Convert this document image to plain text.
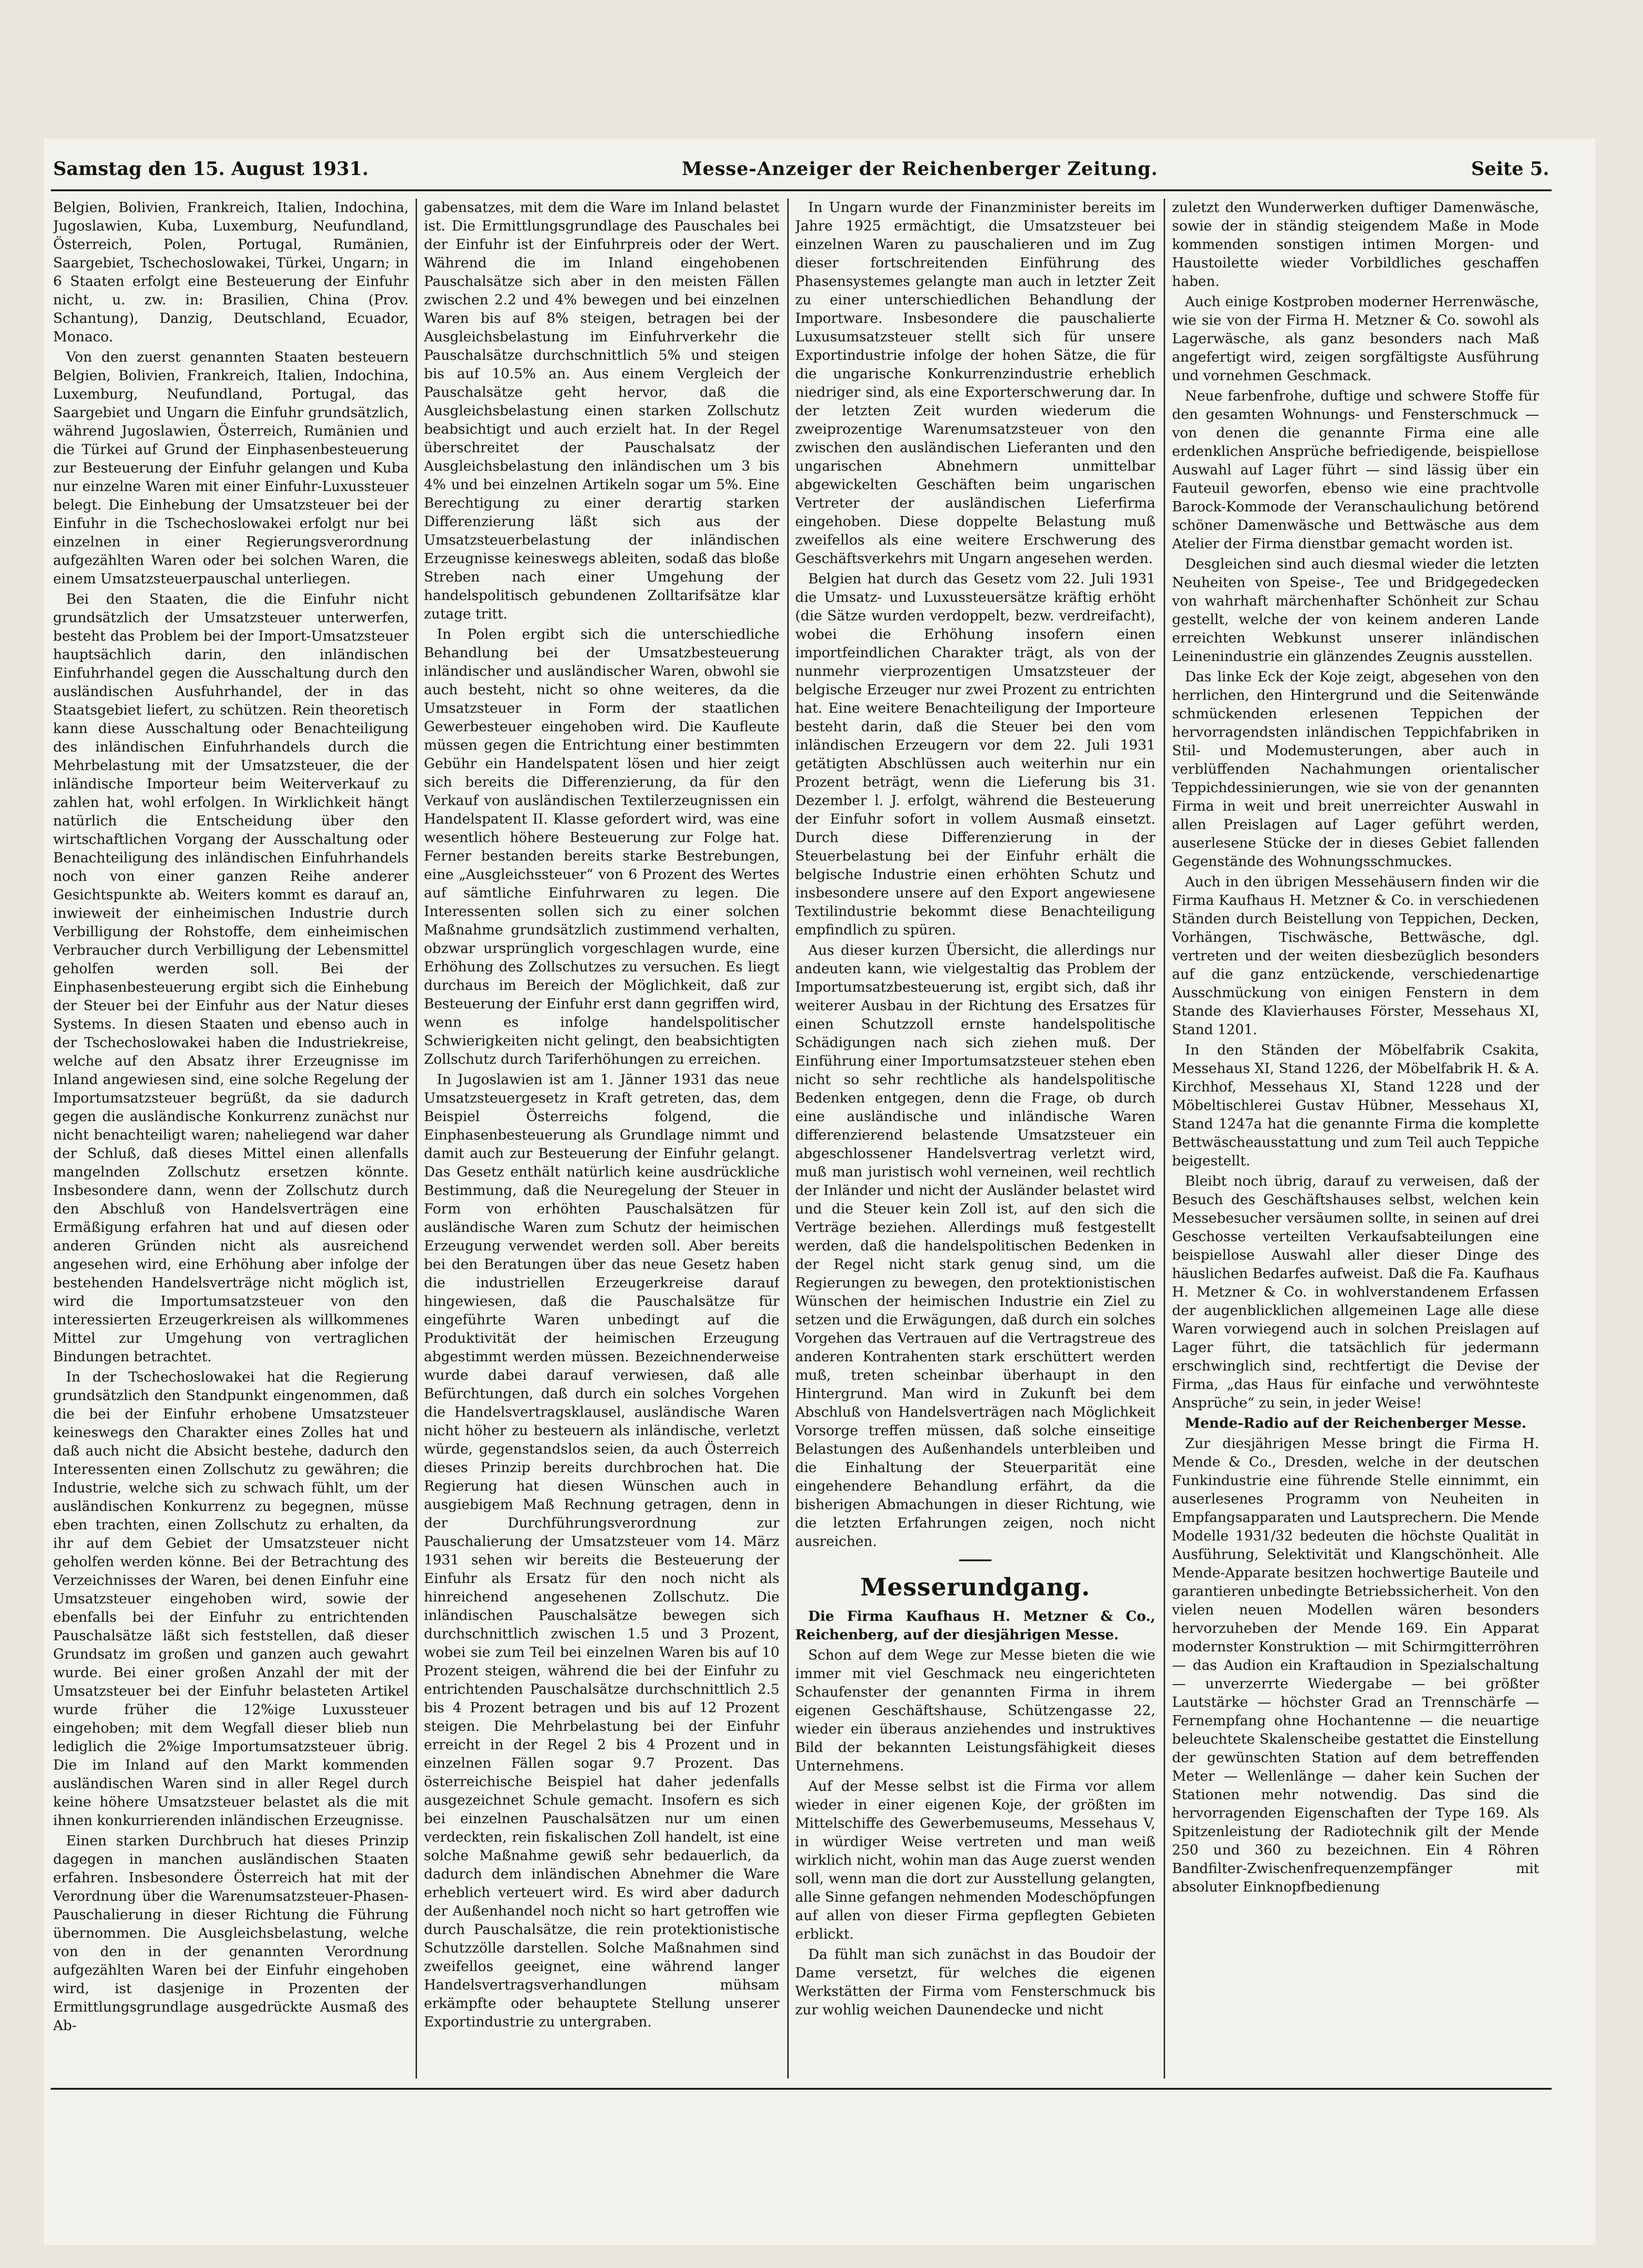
Samstag den 15. August 1931.	Messe-Anzeiger der Reichenberger Zeitung.	Seite 5.

Belgien, Bolivien, Frankreich, Italien, Indochina, Jugoslawien, Kuba, Luxemburg, Neufundland, Österreich, Polen, Portugal, Rumänien, Saargebiet, Tschechoslowakei, Türkei, Ungarn; in 6 Staaten erfolgt eine Besteuerung der Einfuhr nicht, u. zw. in: Brasilien, China (Prov. Schantung), Danzig, Deutschland, Ecuador, Monaco.

Von den zuerst genannten Staaten besteuern Belgien, Bolivien, Frankreich, Italien, Indochina, Luxemburg, Neufundland, Portugal, das Saargebiet und Ungarn die Einfuhr grundsätzlich, während Jugoslawien, Österreich, Rumänien und die Türkei auf Grund der Einphasenbesteuerung zur Besteuerung der Einfuhr gelangen und Kuba nur einzelne Waren mit einer Einfuhr-Luxussteuer belegt. Die Einhebung der Umsatzsteuer bei der Einfuhr in die Tschechoslowakei erfolgt nur bei einzelnen in einer Regierungsverordnung aufgezählten Waren oder bei solchen Waren, die einem Umsatzsteuerpauschal unterliegen.

Bei den Staaten, die die Einfuhr nicht grundsätzlich der Umsatzsteuer unterwerfen, besteht das Problem bei der Import-Umsatzsteuer hauptsächlich darin, den inländischen Einfuhrhandel gegen die Ausschaltung durch den ausländischen Ausfuhrhandel, der in das Staatsgebiet liefert, zu schützen. Rein theoretisch kann diese Ausschaltung oder Benachteiligung des inländischen Einfuhrhandels durch die Mehrbelastung mit der Umsatzsteuer, die der inländische Importeur beim Weiterverkauf zu zahlen hat, wohl erfolgen. In Wirklichkeit hängt natürlich die Entscheidung über den wirtschaftlichen Vorgang der Ausschaltung oder Benachteiligung des inländischen Einfuhrhandels noch von einer ganzen Reihe anderer Gesichtspunkte ab. Weiters kommt es darauf an, inwieweit der einheimischen Industrie durch Verbilligung der Rohstoffe, dem einheimischen Verbraucher durch Verbilligung der Lebensmittel geholfen werden soll. Bei der Einphasenbesteuerung ergibt sich die Einhebung der Steuer bei der Einfuhr aus der Natur dieses Systems. In diesen Staaten und ebenso auch in der Tschechoslowakei haben die Industriekreise, welche auf den Absatz ihrer Erzeugnisse im Inland angewiesen sind, eine solche Regelung der Importumsatzsteuer begrüßt, da sie dadurch gegen die ausländische Konkurrenz zunächst nur nicht benachteiligt waren; naheliegend war daher der Schluß, daß dieses Mittel einen allenfalls mangelnden Zollschutz ersetzen könnte. Insbesondere dann, wenn der Zollschutz durch den Abschluß von Handelsverträgen eine Ermäßigung erfahren hat und auf diesen oder anderen Gründen nicht als ausreichend angesehen wird, eine Erhöhung aber infolge der bestehenden Handelsverträge nicht möglich ist, wird die Importumsatzsteuer von den interessierten Erzeugerkreisen als willkommenes Mittel zur Umgehung von vertraglichen Bindungen betrachtet.

In der Tschechoslowakei hat die Regierung grundsätzlich den Standpunkt eingenommen, daß die bei der Einfuhr erhobene Umsatzsteuer keineswegs den Charakter eines Zolles hat und daß auch nicht die Absicht bestehe, dadurch den Interessenten einen Zollschutz zu gewähren; die Industrie, welche sich zu schwach fühlt, um der ausländischen Konkurrenz zu begegnen, müsse eben trachten, einen Zollschutz zu erhalten, da ihr auf dem Gebiet der Umsatzsteuer nicht geholfen werden könne. Bei der Betrachtung des Verzeichnisses der Waren, bei denen Einfuhr eine Umsatzsteuer eingehoben wird, sowie der ebenfalls bei der Einfuhr zu entrichtenden Pauschalsätze läßt sich feststellen, daß dieser Grundsatz im großen und ganzen auch gewahrt wurde. Bei einer großen Anzahl der mit der Umsatzsteuer bei der Einfuhr belasteten Artikel wurde früher die 12%ige Luxussteuer eingehoben; mit dem Wegfall dieser blieb nun lediglich die 2%ige Importumsatzsteuer übrig. Die im Inland auf den Markt kommenden ausländischen Waren sind in aller Regel durch keine höhere Umsatzsteuer belastet als die mit ihnen konkurrierenden inländischen Erzeugnisse.

Einen starken Durchbruch hat dieses Prinzip dagegen in manchen ausländischen Staaten erfahren. Insbesondere Österreich hat mit der Verordnung über die Warenumsatzsteuer-Phasen-Pauschalierung in dieser Richtung die Führung übernommen. Die Ausgleichsbelastung, welche von den in der genannten Verordnung aufgezählten Waren bei der Einfuhr eingehoben wird, ist dasjenige in Prozenten der Ermittlungsgrundlage ausgedrückte Ausmaß des Ab-

gabensatzes, mit dem die Ware im Inland belastet ist. Die Ermittlungsgrundlage des Pauschales bei der Einfuhr ist der Einfuhrpreis oder der Wert. Während die im Inland eingehobenen Pauschalsätze sich aber in den meisten Fällen zwischen 2.2 und 4% bewegen und bei einzelnen Waren bis auf 8% steigen, betragen bei der Ausgleichsbelastung im Einfuhrverkehr die Pauschalsätze durchschnittlich 5% und steigen bis auf 10.5% an. Aus einem Vergleich der Pauschalsätze geht hervor, daß die Ausgleichsbelastung einen starken Zollschutz beabsichtigt und auch erzielt hat. In der Regel überschreitet der Pauschalsatz der Ausgleichsbelastung den inländischen um 3 bis 4% und bei einzelnen Artikeln sogar um 5%. Eine Berechtigung zu einer derartig starken Differenzierung läßt sich aus der Umsatzsteuerbelastung der inländischen Erzeugnisse keineswegs ableiten, sodaß das bloße Streben nach einer Umgehung der handelspolitisch gebundenen Zolltarifsätze klar zutage tritt.

In Polen ergibt sich die unterschiedliche Behandlung bei der Umsatzbesteuerung inländischer und ausländischer Waren, obwohl sie auch besteht, nicht so ohne weiteres, da die Umsatzsteuer in Form der staatlichen Gewerbesteuer eingehoben wird. Die Kaufleute müssen gegen die Entrichtung einer bestimmten Gebühr ein Handelspatent lösen und hier zeigt sich bereits die Differenzierung, da für den Verkauf von ausländischen Textilerzeugnissen ein Handelspatent II. Klasse gefordert wird, was eine wesentlich höhere Besteuerung zur Folge hat. Ferner bestanden bereits starke Bestrebungen, eine „Ausgleichssteuer“ von 6 Prozent des Wertes auf sämtliche Einfuhrwaren zu legen. Die Interessenten sollen sich zu einer solchen Maßnahme grundsätzlich zustimmend verhalten, obzwar ursprünglich vorgeschlagen wurde, eine Erhöhung des Zollschutzes zu versuchen. Es liegt durchaus im Bereich der Möglichkeit, daß zur Besteuerung der Einfuhr erst dann gegriffen wird, wenn es infolge handelspolitischer Schwierigkeiten nicht gelingt, den beabsichtigten Zollschutz durch Tariferhöhungen zu erreichen.

In Jugoslawien ist am 1. Jänner 1931 das neue Umsatzsteuergesetz in Kraft getreten, das, dem Beispiel Österreichs folgend, die Einphasenbesteuerung als Grundlage nimmt und damit auch zur Besteuerung der Einfuhr gelangt. Das Gesetz enthält natürlich keine ausdrückliche Bestimmung, daß die Neuregelung der Steuer in Form von erhöhten Pauschalsätzen für ausländische Waren zum Schutz der heimischen Erzeugung verwendet werden soll. Aber bereits bei den Beratungen über das neue Gesetz haben die industriellen Erzeugerkreise darauf hingewiesen, daß die Pauschalsätze für eingeführte Waren unbedingt auf die Produktivität der heimischen Erzeugung abgestimmt werden müssen. Bezeichnenderweise wurde dabei darauf verwiesen, daß alle Befürchtungen, daß durch ein solches Vorgehen die Handelsvertragsklausel, ausländische Waren nicht höher zu besteuern als inländische, verletzt würde, gegenstandslos seien, da auch Österreich dieses Prinzip bereits durchbrochen hat. Die Regierung hat diesen Wünschen auch in ausgiebigem Maß Rechnung getragen, denn in der Durchführungsverordnung zur Pauschalierung der Umsatzsteuer vom 14. März 1931 sehen wir bereits die Besteuerung der Einfuhr als Ersatz für den noch nicht als hinreichend angesehenen Zollschutz. Die inländischen Pauschalsätze bewegen sich durchschnittlich zwischen 1.5 und 3 Prozent, wobei sie zum Teil bei einzelnen Waren bis auf 10 Prozent steigen, während die bei der Einfuhr zu entrichtenden Pauschalsätze durchschnittlich 2.5 bis 4 Prozent betragen und bis auf 12 Prozent steigen. Die Mehrbelastung bei der Einfuhr erreicht in der Regel 2 bis 4 Prozent und in einzelnen Fällen sogar 9.7 Prozent. Das österreichische Beispiel hat daher jedenfalls ausgezeichnet Schule gemacht. Insofern es sich bei einzelnen Pauschalsätzen nur um einen verdeckten, rein fiskalischen Zoll handelt, ist eine solche Maßnahme gewiß sehr bedauerlich, da dadurch dem inländischen Abnehmer die Ware erheblich verteuert wird. Es wird aber dadurch der Außenhandel noch nicht so hart getroffen wie durch Pauschalsätze, die rein protektionistische Schutzzölle darstellen. Solche Maßnahmen sind zweifellos geeignet, eine während langer Handelsvertragsverhandlungen mühsam erkämpfte oder behauptete Stellung unserer Exportindustrie zu untergraben.

In Ungarn wurde der Finanzminister bereits im Jahre 1925 ermächtigt, die Umsatzsteuer bei einzelnen Waren zu pauschalieren und im Zug dieser fortschreitenden Einführung des Phasensystemes gelangte man auch in letzter Zeit zu einer unterschiedlichen Behandlung der Importware. Insbesondere die pauschalierte Luxusumsatzsteuer stellt sich für unsere Exportindustrie infolge der hohen Sätze, die für die ungarische Konkurrenzindustrie erheblich niedriger sind, als eine Exporterschwerung dar. In der letzten Zeit wurden wiederum die zweiprozentige Warenumsatzsteuer von den zwischen den ausländischen Lieferanten und den ungarischen Abnehmern unmittelbar abgewickelten Geschäften beim ungarischen Vertreter der ausländischen Lieferfirma eingehoben. Diese doppelte Belastung muß zweifellos als eine weitere Erschwerung des Geschäftsverkehrs mit Ungarn angesehen werden.

Belgien hat durch das Gesetz vom 22. Juli 1931 die Umsatz- und Luxussteuersätze kräftig erhöht (die Sätze wurden verdoppelt, bezw. verdreifacht), wobei die Erhöhung insofern einen importfeindlichen Charakter trägt, als von der nunmehr vierprozentigen Umsatzsteuer der belgische Erzeuger nur zwei Prozent zu entrichten hat. Eine weitere Benachteiligung der Importeure besteht darin, daß die Steuer bei den vom inländischen Erzeugern vor dem 22. Juli 1931 getätigten Abschlüssen auch weiterhin nur ein Prozent beträgt, wenn die Lieferung bis 31. Dezember l. J. erfolgt, während die Besteuerung der Einfuhr sofort in vollem Ausmaß einsetzt. Durch diese Differenzierung in der Steuerbelastung bei der Einfuhr erhält die belgische Industrie einen erhöhten Schutz und insbesondere unsere auf den Export angewiesene Textilindustrie bekommt diese Benachteiligung empfindlich zu spüren.

Aus dieser kurzen Übersicht, die allerdings nur andeuten kann, wie vielgestaltig das Problem der Importumsatzbesteuerung ist, ergibt sich, daß ihr weiterer Ausbau in der Richtung des Ersatzes für einen Schutzzoll ernste handelspolitische Schädigungen nach sich ziehen muß. Der Einführung einer Importumsatzsteuer stehen eben nicht so sehr rechtliche als handelspolitische Bedenken entgegen, denn die Frage, ob durch eine ausländische und inländische Waren differenzierend belastende Umsatzsteuer ein abgeschlossener Handelsvertrag verletzt wird, muß man juristisch wohl verneinen, weil rechtlich der Inländer und nicht der Ausländer belastet wird und die Steuer kein Zoll ist, auf den sich die Verträge beziehen. Allerdings muß festgestellt werden, daß die handelspolitischen Bedenken in der Regel nicht stark genug sind, um die Regierungen zu bewegen, den protektionistischen Wünschen der heimischen Industrie ein Ziel zu setzen und die Erwägungen, daß durch ein solches Vorgehen das Vertrauen auf die Vertragstreue des anderen Kontrahenten stark erschüttert werden muß, treten scheinbar überhaupt in den Hintergrund. Man wird in Zukunft bei dem Abschluß von Handelsverträgen nach Möglichkeit Vorsorge treffen müssen, daß solche einseitige Belastungen des Außenhandels unterbleiben und die Einhaltung der Steuerparität eine eingehendere Behandlung erfährt, da die bisherigen Abmachungen in dieser Richtung, wie die letzten Erfahrungen zeigen, noch nicht ausreichen.

Messerundgang.

Die Firma Kaufhaus H. Metzner & Co., Reichenberg, auf der diesjährigen Messe.

Schon auf dem Wege zur Messe bieten die wie immer mit viel Geschmack neu eingerichteten Schaufenster der genannten Firma in ihrem eigenen Geschäftshause, Schützengasse 22, wieder ein überaus anziehendes und instruktives Bild der bekannten Leistungsfähigkeit dieses Unternehmens.

Auf der Messe selbst ist die Firma vor allem wieder in einer eigenen Koje, der größten im Mittelschiffe des Gewerbemuseums, Messehaus V, in würdiger Weise vertreten und man weiß wirklich nicht, wohin man das Auge zuerst wenden soll, wenn man die dort zur Ausstellung gelangten, alle Sinne gefangen nehmenden Modeschöpfungen auf allen von dieser Firma gepflegten Gebieten erblickt.

Da fühlt man sich zunächst in das Boudoir der Dame versetzt, für welches die eigenen Werkstätten der Firma vom Fensterschmuck bis zur wohlig weichen Daunendecke und nicht

zuletzt den Wunderwerken duftiger Damenwäsche, sowie der in ständig steigendem Maße in Mode kommenden sonstigen intimen Morgen- und Haustoilette wieder Vorbildliches geschaffen haben.

Auch einige Kostproben moderner Herrenwäsche, wie sie von der Firma H. Metzner & Co. sowohl als Lagerwäsche, als ganz besonders nach Maß angefertigt wird, zeigen sorgfältigste Ausführung und vornehmen Geschmack.

Neue farbenfrohe, duftige und schwere Stoffe für den gesamten Wohnungs- und Fensterschmuck — von denen die genannte Firma eine alle erdenklichen Ansprüche befriedigende, beispiellose Auswahl auf Lager führt — sind lässig über ein Fauteuil geworfen, ebenso wie eine prachtvolle Barock-Kommode der Veranschaulichung betörend schöner Damenwäsche und Bettwäsche aus dem Atelier der Firma dienstbar gemacht worden ist.

Desgleichen sind auch diesmal wieder die letzten Neuheiten von Speise-, Tee und Bridgegedecken von wahrhaft märchenhafter Schönheit zur Schau gestellt, welche der von keinem anderen Lande erreichten Webkunst unserer inländischen Leinenindustrie ein glänzendes Zeugnis ausstellen.

Das linke Eck der Koje zeigt, abgesehen von den herrlichen, den Hintergrund und die Seitenwände schmückenden erlesenen Teppichen der hervorragendsten inländischen Teppichfabriken in Stil- und Modemusterungen, aber auch in verblüffenden Nachahmungen orientalischer Teppichdessinierungen, wie sie von der genannten Firma in weit und breit unerreichter Auswahl in allen Preislagen auf Lager geführt werden, auserlesene Stücke der in dieses Gebiet fallenden Gegenstände des Wohnungsschmuckes.

Auch in den übrigen Messehäusern finden wir die Firma Kaufhaus H. Metzner & Co. in verschiedenen Ständen durch Beistellung von Teppichen, Decken, Vorhängen, Tischwäsche, Bettwäsche, dgl. vertreten und der weiten diesbezüglich besonders auf die ganz entzückende, verschiedenartige Ausschmückung von einigen Fenstern in dem Stande des Klavierhauses Förster, Messehaus XI, Stand 1201.

In den Ständen der Möbelfabrik Csakita, Messehaus XI, Stand 1226, der Möbelfabrik H. & A. Kirchhof, Messehaus XI, Stand 1228 und der Möbeltischlerei Gustav Hübner, Messehaus XI, Stand 1247a hat die genannte Firma die komplette Bettwäscheausstattung und zum Teil auch Teppiche beigestellt.

Bleibt noch übrig, darauf zu verweisen, daß der Besuch des Geschäftshauses selbst, welchen kein Messebesucher versäumen sollte, in seinen auf drei Geschosse verteilten Verkaufsabteilungen eine beispiellose Auswahl aller dieser Dinge des häuslichen Bedarfes aufweist. Daß die Fa. Kaufhaus H. Metzner & Co. in wohlverstandenem Erfassen der augenblicklichen allgemeinen Lage alle diese Waren vorwiegend auch in solchen Preislagen auf Lager führt, die tatsächlich für jedermann erschwinglich sind, rechtfertigt die Devise der Firma, „das Haus für einfache und verwöhnteste Ansprüche“ zu sein, in jeder Weise!

Mende-Radio auf der Reichenberger Messe.

Zur diesjährigen Messe bringt die Firma H. Mende & Co., Dresden, welche in der deutschen Funkindustrie eine führende Stelle einnimmt, ein auserlesenes Programm von Neuheiten in Empfangsapparaten und Lautsprechern. Die Mende Modelle 1931/32 bedeuten die höchste Qualität in Ausführung, Selektivität und Klangschönheit. Alle Mende-Apparate besitzen hochwertige Bauteile und garantieren unbedingte Betriebssicherheit. Von den vielen neuen Modellen wären besonders hervorzuheben der Mende 169. Ein Apparat modernster Konstruktion — mit Schirmgitterröhren — das Audion ein Kraftaudion in Spezialschaltung — unverzerrte Wiedergabe — bei größter Lautstärke — höchster Grad an Trennschärfe — Fernempfang ohne Hochantenne — die neuartige beleuchtete Skalenscheibe gestattet die Einstellung der gewünschten Station auf dem betreffenden Meter — Wellenlänge — daher kein Suchen der Stationen mehr notwendig. Das sind die hervorragenden Eigenschaften der Type 169. Als Spitzenleistung der Radiotechnik gilt der Mende 250 und 360 zu bezeichnen. Ein 4 Röhren Bandfilter-Zwischenfrequenzempfänger mit absoluter Einknopfbedienung
